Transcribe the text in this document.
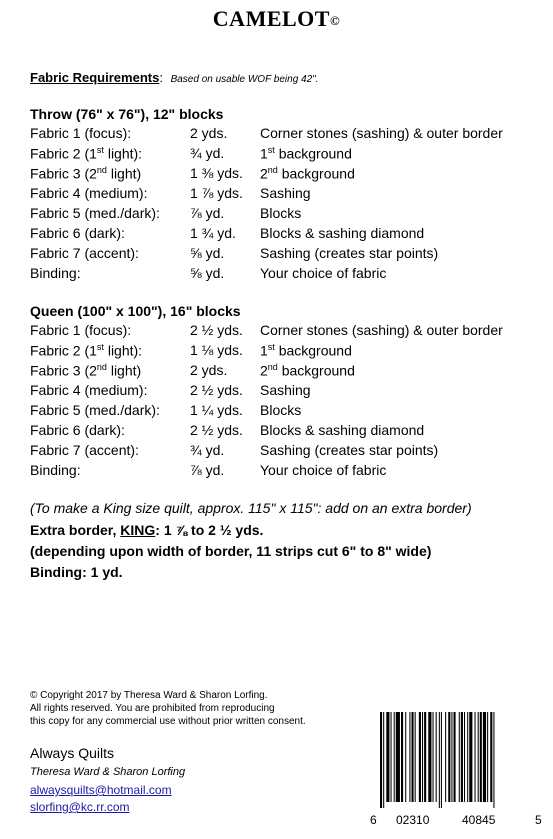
CAMELOT©
Fabric Requirements: Based on usable WOF being 42".
Throw (76" x 76"), 12" blocks
Fabric 1 (focus):	2 yds. Corner stones (sashing) & outer border
Fabric 2 (1st light):	¾ yd.	1st background
Fabric 3 (2nd light)	1 ⅜ yds. 2nd background
Fabric 4 (medium):	1 ⅞ yds. Sashing
Fabric 5 (med./dark): ⅞ yd.	Blocks
Fabric 6 (dark):	1 ¾ yd. Blocks & sashing diamond
Fabric 7 (accent):	⅝ yd.	Sashing (creates star points)
Binding:	⅝ yd.	Your choice of fabric
Queen (100" x 100"), 16" blocks
Fabric 1 (focus):	2 ½ yds. Corner stones (sashing) & outer border
Fabric 2 (1st light):	1 ⅛ yds. 1st background
Fabric 3 (2nd light)	2 yds. 2nd background
Fabric 4 (medium):	2 ½ yds. Sashing
Fabric 5 (med./dark): 1 ¼ yds. Blocks
Fabric 6 (dark):	2 ½ yds. Blocks & sashing diamond
Fabric 7 (accent):	¾ yd.	Sashing (creates star points)
Binding:	⅞ yd.	Your choice of fabric
(To make a King size quilt, approx. 115" x 115": add on an extra border)
Extra border, KING: 1 ⅞ to 2 ½ yds.
(depending upon width of border, 11 strips cut 6" to 8" wide)
Binding: 1 yd.
© Copyright 2017 by Theresa Ward & Sharon Lorfing.
All rights reserved. You are prohibited from reproducing
this copy for any commercial use without prior written consent.
Always Quilts
Theresa Ward & Sharon Lorfing
alwaysquilts@hotmail.com
slorfing@kc.rr.com
6 02310	40845	5
